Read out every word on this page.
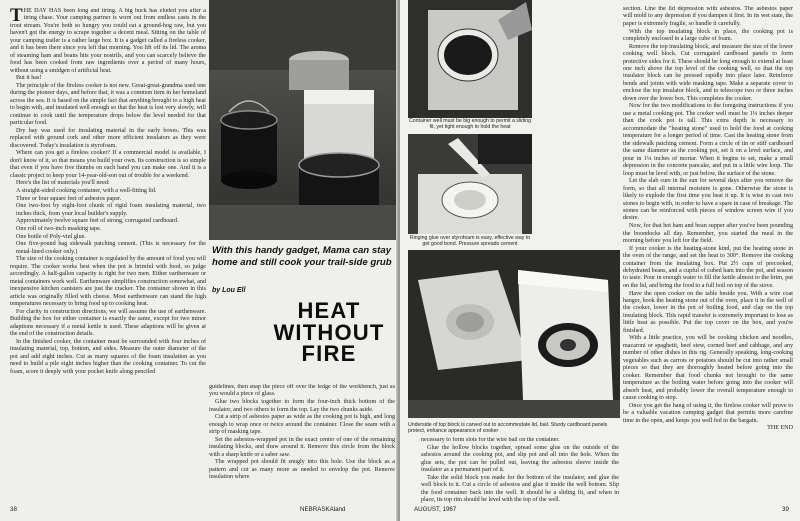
THE DAY HAS been long and tiring. A big buck has eluded you after a tiring chase. Your camping partner is worn out from endless casts in the trout stream. You're both so hungry you could eat a ground-hog raw, but you haven't got the energy to scrape together a decent meal. Sitting on the table of your camping trailer is a rather large box. It is a gadget called a fireless cooker, and it has been there since you left that morning. You lift off its lid. The aroma of steaming ham and beans hits your nostrils, and you can scarcely believe the food has been cooked from raw ingredients over a period of many hours, without using a smidgen of artificial heat.

But it has!

The principle of the fireless cooker is not new. Great-great-grandma used one during the pioneer days, and before that, it was a common item in her homeland across the sea. It is based on the simple fact that anything brought to a high heat to begin with, and insulated well enough so that the heat is lost very slowly, will continue to cook until the temperature drops below the level needed for that particular food.

Dry hay was used for insulating material in the early boxes. This was replaced with ground cork and other more efficient insulators as they were discovered. Today's insulation is styrofoam.

Where can you get a fireless cooker? If a commercial model is available, I don't know of it, so that means you build your own. Its construction is so simple that even if you have five thumbs on each hand you can make one. And it is a classic project to keep your 14-year-old-son out of trouble for a weekend.

Here's the list of materials you'll need:

A straight-sided cooking container, with a well-fitting lid.

Three or four square feet of asbestos paper.

One two-foot by eight-foot chunk of rigid foam insulating material, two inches thick, from your local builder's supply.

Approximately twelve square feet of strong, corrugated cardboard.

One roll of two-inch masking tape.

One bottle of Poly-vinl glue.

One five-pound bag sidewalk patching cement. (This is necessary for the metal-lined cooker only.)

The size of the cooking container is regulated by the amount of food you will require. The cooker works best when the pot is brimful with food, so judge accordingly. A half-gallon capacity is right for two men. Either earthenware or metal containers work well. Earthenware simplifies construction somewhat, and inexpensive kitchen canisters are just the cracker. The container shown in this article was originally filled with cheese. Most earthenware can stand the high temperatures necessary to bring food up to cooking heat.

For clarity in construction directions, we will assume the use of earthenware. Building the box for either container is exactly the same, except for two minor adaptions necessary if a metal kettle is used. These adaptions will be given at the end of the construction details.

In the finished cooker, the container must be surrounded with four inches of insulating material, top, bottom, and sides. Measure the outer diameter of the pot and add eight inches. Cut as many squares of the foam insulation as you need to build a pile eight inches higher than the cooking container. To cut the foam, score it deeply with your pocket knife along penciled

With this handy gadget, Mama can stay home and still cook your trail-side grub
by Lou Ell
HEAT
WITHOUT
FIRE

guidelines, then snap the piece off over the ledge of the workbench, just as you would a piece of glass.

Glue two blocks together to form the four-inch thick bottom of the insulator, and two others to form the top. Lay the two chunks aside.

Cut a strip of asbestos paper as wide as the cooking pot is high, and long enough to wrap once or twice around the container. Close the seam with a strip of masking tape.

Set the asbestos-wrapped pot in the exact center of one of the remaining insulating blocks, and draw around it. Remove this circle from the block with a sharp knife or a saber saw.

The wrapped pot should fit snugly into this hole. Use the block as a pattern and cut as many more as needed to envelop the pot. Remove insulation where

38	NEBRASKAland
Container well must be big enough to permit a sliding fit, yet tight enough to hold the heat
Ringing glue over styrofoam is easy, effective way to get good bond. Pressure spreads cement
Underside of top block is carved out to accommodate lid, bail. Sturdy cardboard panels protect, enhance appearance of cooker

necessary to form slots for the wire bail on the container.

Glue the hollow blocks together, spread some glue on the outside of the asbestos around the cooking pot, and slip pot and all into the hole. When the glue sets, the pot can be pulled out, leaving the asbestos sleeve inside the insulator as a permanent part of it.

Take the solid block you made for the bottom of the insulator, and glue the well block to it. Cut a circle of asbestos and glue it inside the well bottom. Slip the food container back into the well. It should be a sliding fit, and when in place, its top rim should be level with the top of the well.

section. Line the lid depression with asbestos. The asbestos paper will mold to any depression if you dampen it first. In its wet state, the paper is extremely fragile, so handle it carefully.

With the top insulating block in place, the cooking pot is completely enclosed in a large cube of foam.

Remove the top insulating block, and measure the size of the lower cooking well block. Cut corrugated cardboard panels to form protective sides for it. These should be long enough to extend at least one inch above the top level of the cooking well, so that the top insulator block can be pressed rapidly into place later. Reinforce bends and joints with wide masking tape. Make a separate cover to enclose the top insulator block, and to telescope two or three inches down over the lower box. This completes the cooker.

Now for the two modifications to the foregoing instructions if you use a metal cooking pot. The cooker well must be 1¼ inches deeper than the cook pot is tall. This extra depth is necessary to accommodate the "heating stone" used to hold the food at cooking temperature for a longer period of time. Cast the heating stone from the sidewalk patching cement. Form a circle of tin or stiff cardboard the same diameter as the cooking pot, set it on a level surface, and pour in 1¼ inches of mortar. When it begins to set, make a small depression in the concrete pancake, and put in a little wire loop. The loop must be level with, or just below, the surface of the stone.

Let the slab cure in the sun for several days after you remove the form, so that all internal moisture is gone. Otherwise the stone is likely to explode the first time you heat it up. It is wise to cast two stones to begin with, in order to have a spare in case of breakage. The stones can be reinforced with pieces of window screen wire if you desire.

Now, for that hot ham and bean supper after you've been pounding the boondocks all day. Remember, you started the meal in the morning before you left for the field.

If your cooker is the heating-stone kind, put the heating stone in the oven of the range, and set the heat to 300°. Remove the cooking container from the insulating box. Put 2½ cups of precooked, dehydrated beans, and a cupful of cubed ham into the pot, and season to taste. Pour in enough water to fill the kettle almost to the brim, put on the lid, and bring the food to a full boil on top of the stove.

Have the open cooker on the table beside you. With a wire coat hanger, hook the heating stone out of the oven, place it in the well of the cooker, lower in the pot of boiling food, and clap on the top insulating block. This rapid transfer is extremely important to lose as little heat as possible. Put the top cover on the box, and you're finished.

With a little practice, you will be cooking chicken and noodles, macaroni or spaghetti, beef stew, corned beef and cabbage, and any number of other dishes in this rig. Generally speaking, long-cooking vegetables such as carrots or potatoes should be cut into rather small pieces so that they are thoroughly heated before going into the cooker. Remember that food chunks not brought to the same temperature as the boiling water before going into the cooker will absorb heat, and probably lower the overall temperature enough to cause cooking to stop.

Once you get the hang of using it, the fireless cooker will prove to be a valuable vacation camping gadget that permits more carefree time in the open, and keeps you well fed in the bargain.

THE END

AUGUST, 1967	39
